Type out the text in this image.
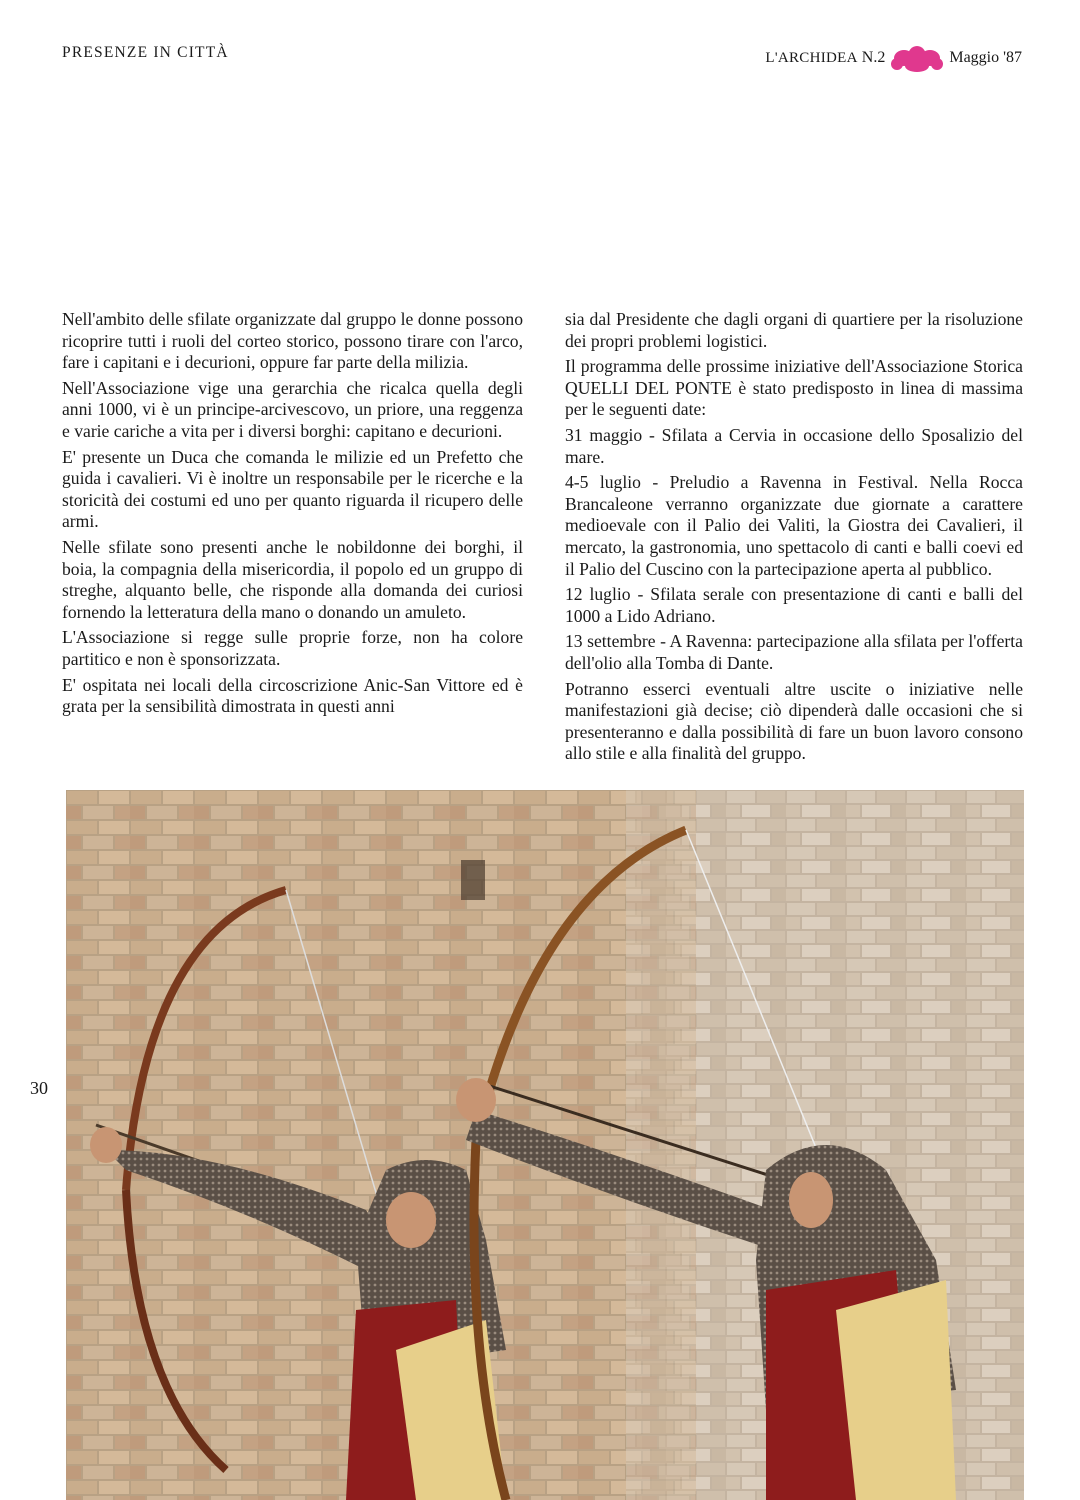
PRESENZE IN CITTÀ	L'ARCHIDEA N.2	Maggio '87

Nell'ambito delle sfilate organizzate dal gruppo le donne possono ricoprire tutti i ruoli del corteo storico, possono tirare con l'arco, fare i capitani e i decurioni, oppure far parte della milizia.

Nell'Associazione vige una gerarchia che ricalca quella degli anni 1000, vi è un principe-arcivescovo, un priore, una reggenza e varie cariche a vita per i diversi borghi: capitano e decurioni.

E' presente un Duca che comanda le milizie ed un Prefetto che guida i cavalieri. Vi è inoltre un responsabile per le ricerche e la storicità dei costumi ed uno per quanto riguarda il ricupero delle armi.

Nelle sfilate sono presenti anche le nobildonne dei borghi, il boia, la compagnia della misericordia, il popolo ed un gruppo di streghe, alquanto belle, che risponde alla domanda dei curiosi fornendo la letteratura della mano o donando un amuleto.

L'Associazione si regge sulle proprie forze, non ha colore partitico e non è sponsorizzata.

E' ospitata nei locali della circoscrizione Anic-San Vittore ed è grata per la sensibilità dimostrata in questi anni

sia dal Presidente che dagli organi di quartiere per la risoluzione dei propri problemi logistici.

Il programma delle prossime iniziative dell'Associazione Storica QUELLI DEL PONTE è stato predisposto in linea di massima per le seguenti date:

31 maggio - Sfilata a Cervia in occasione dello Sposalizio del mare.

4-5 luglio - Preludio a Ravenna in Festival. Nella Rocca Brancaleone verranno organizzate due giornate a carattere medioevale con il Palio dei Valiti, la Giostra dei Cavalieri, il mercato, la gastronomia, uno spettacolo di canti e balli coevi ed il Palio del Cuscino con la partecipazione aperta al pubblico.

12 luglio - Sfilata serale con presentazione di canti e balli del 1000 a Lido Adriano.

13 settembre - A Ravenna: partecipazione alla sfilata per l'offerta dell'olio alla Tomba di Dante.

Potranno esserci eventuali altre uscite o iniziative nelle manifestazioni già decise; ciò dipenderà dalle occasioni che si presenteranno e dalla possibilità di fare un buon lavoro consono allo stile e alla finalità del gruppo.

30
